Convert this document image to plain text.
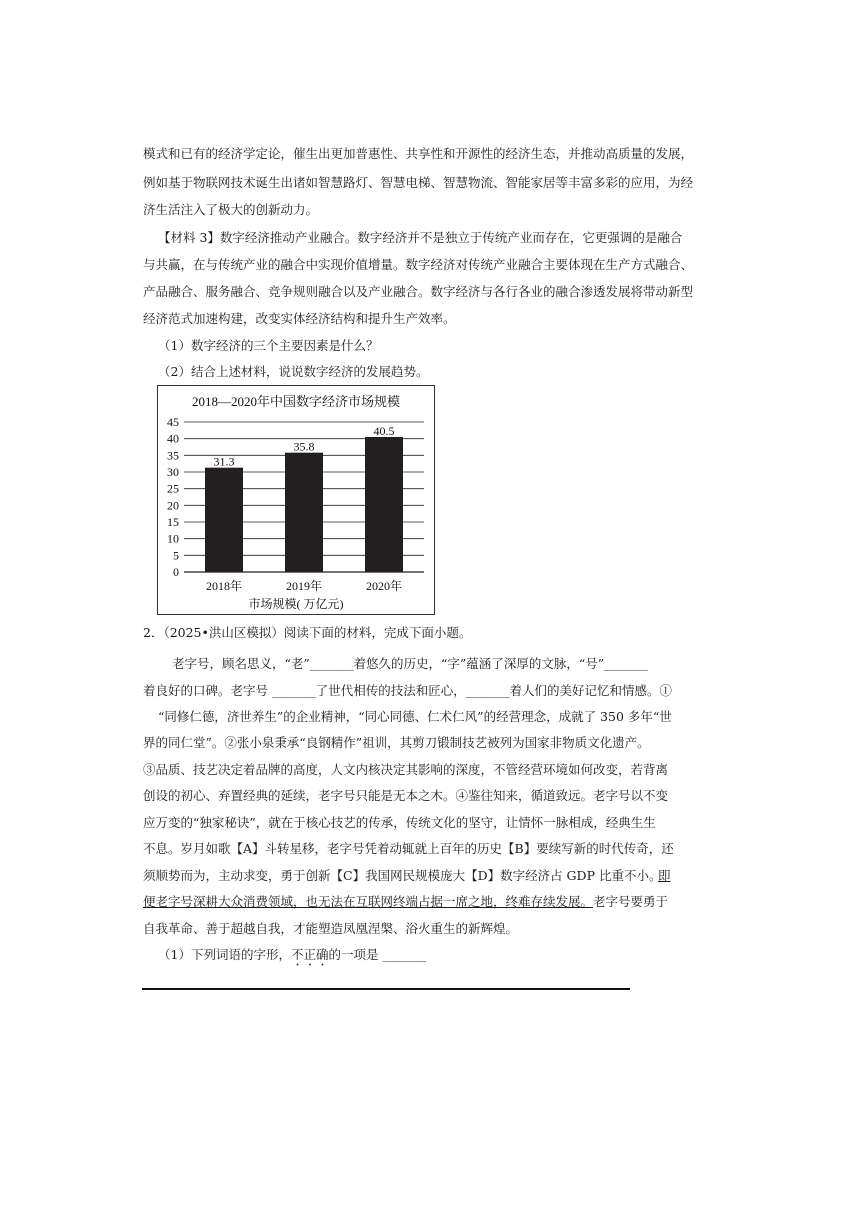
模式和已有的经济学定论，催生出更加普惠性、共享性和开源性的经济生态，并推动高质量的发展，
例如基于物联网技术诞生出诸如智慧路灯、智慧电梯、智慧物流、智能家居等丰富多彩的应用，为经
济生活注入了极大的创新动力。
【材料 3】数字经济推动产业融合。数字经济并不是独立于传统产业而存在，它更强调的是融合
与共赢，在与传统产业的融合中实现价值增量。数字经济对传统产业融合主要体现在生产方式融合、
产品融合、服务融合、竞争规则融合以及产业融合。数字经济与各行各业的融合渗透发展将带动新型
经济范式加速构建，改变实体经济结构和提升生产效率。
（1）数字经济的三个主要因素是什么？
（2）结合上述材料，说说数字经济的发展趋势。
2018—2020年中国数字经济市场规模
0
5
10
15
20
25
30
35
40
45
31.3
2018年
35.8
2019年
40.5
2020年
市场规模( 万亿元)
2．（2025•洪山区模拟）阅读下面的材料，完成下面小题。
老字号，顾名思义，“老”_______着悠久的历史，“字”蕴涵了深厚的文脉，“号”_______
着良好的口碑。老字号 _______了世代相传的技法和匠心，_______着人们的美好记忆和情感。①
“同修仁德，济世养生”的企业精神，“同心同德、仁术仁风”的经营理念，成就了 350 多年“世
界的同仁堂”。②张小泉秉承“良钢精作”祖训，其剪刀锻制技艺被列为国家非物质文化遗产。
③品质、技艺决定着品牌的高度，人文内核决定其影响的深度，不管经营环境如何改变，若背离
创设的初心、弃置经典的延续，老字号只能是无本之木。④鉴往知来，循道致远。老字号以不变
应万变的“独家秘诀”，就在于核心技艺的传承，传统文化的坚守，让情怀一脉相成，经典生生
不息。岁月如歌【A】斗转星移，老字号凭着动辄就上百年的历史【B】要续写新的时代传奇，还
须顺势而为，主动求变，勇于创新【C】我国网民规模庞大【D】数字经济占 GDP 比重不小。
即
便老字号深耕大众消费领域，也无法在互联网终端占据一席之地，终难存续发展。老字号要勇于
自我革命、善于超越自我，才能塑造凤凰涅槃、浴火重生的新辉煌。
（1）下列词语的字形，不正确的一项是 _______
